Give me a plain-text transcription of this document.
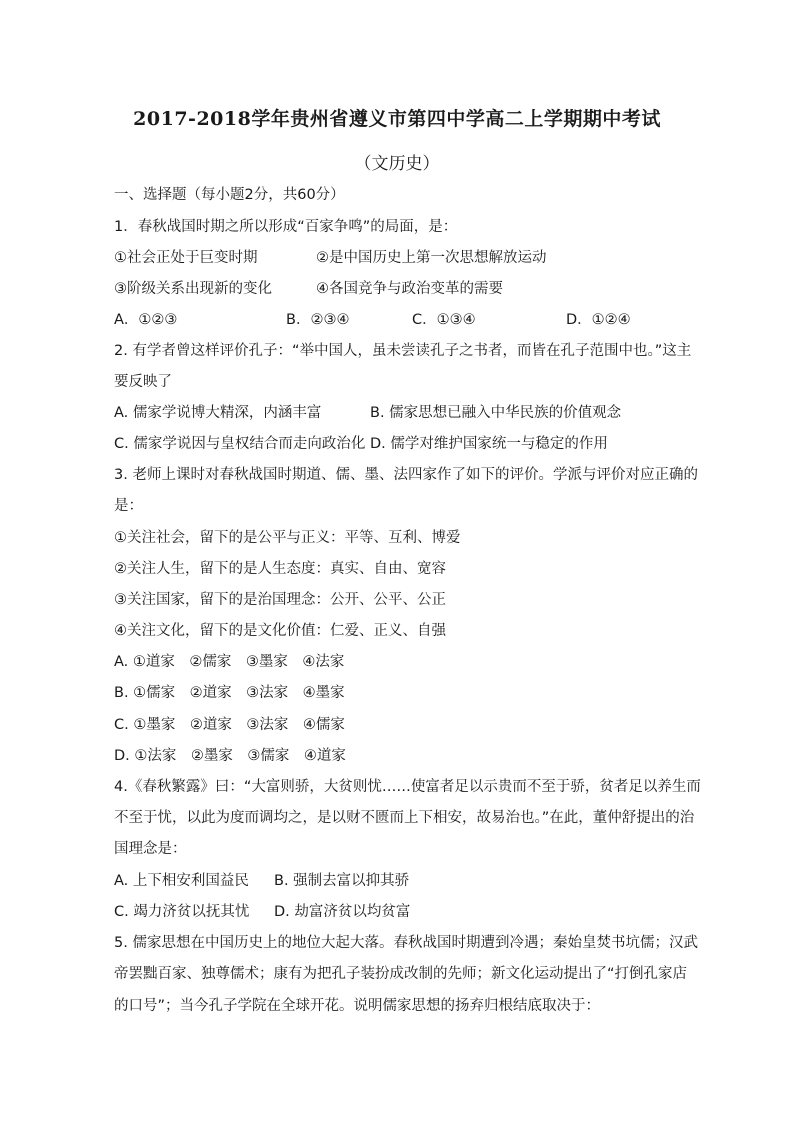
2017-2018学年贵州省遵义市第四中学高二上学期期中考试
（文历史）
一、选择题（每小题2分，共60分）
1．春秋战国时期之所以形成“百家争鸣”的局面，是：
①社会正处于巨变时期	②是中国历史上第一次思想解放运动
③阶级关系出现新的变化	④各国竞争与政治变革的需要
A．①②③	B．②③④	C．①③④	D．①②④
2. 有学者曾这样评价孔子：“举中国人，虽未尝读孔子之书者，而皆在孔子范围中也。”这主
要反映了
A. 儒家学说博大精深，内涵丰富	B. 儒家思想已融入中华民族的价值观念
C. 儒家学说因与皇权结合而走向政治化 D. 儒学对维护国家统一与稳定的作用
3. 老师上课时对春秋战国时期道、儒、墨、法四家作了如下的评价。学派与评价对应正确的
是：
①关注社会，留下的是公平与正义：平等、互利、博爱
②关注人生，留下的是人生态度：真实、自由、宽容
③关注国家，留下的是治国理念：公开、公平、公正
④关注文化，留下的是文化价值：仁爱、正义、自强
A. ①道家　②儒家　③墨家　④法家
B. ①儒家　②道家　③法家　④墨家
C. ①墨家　②道家　③法家　④儒家
D. ①法家　②墨家　③儒家　④道家
4.《春秋繁露》曰：“大富则骄，大贫则忧……使富者足以示贵而不至于骄，贫者足以养生而
不至于忧，以此为度而调均之，是以财不匮而上下相安，故易治也。”在此，董仲舒提出的治
国理念是：
A. 上下相安利国益民 B. 强制去富以抑其骄
C. 竭力济贫以抚其忧 D. 劫富济贫以均贫富
5. 儒家思想在中国历史上的地位大起大落。春秋战国时期遭到冷遇；秦始皇焚书坑儒；汉武
帝罢黜百家、独尊儒术；康有为把孔子装扮成改制的先师；新文化运动提出了“打倒孔家店
的口号”；当今孔子学院在全球开花。说明儒家思想的扬弃归根结底取决于：
